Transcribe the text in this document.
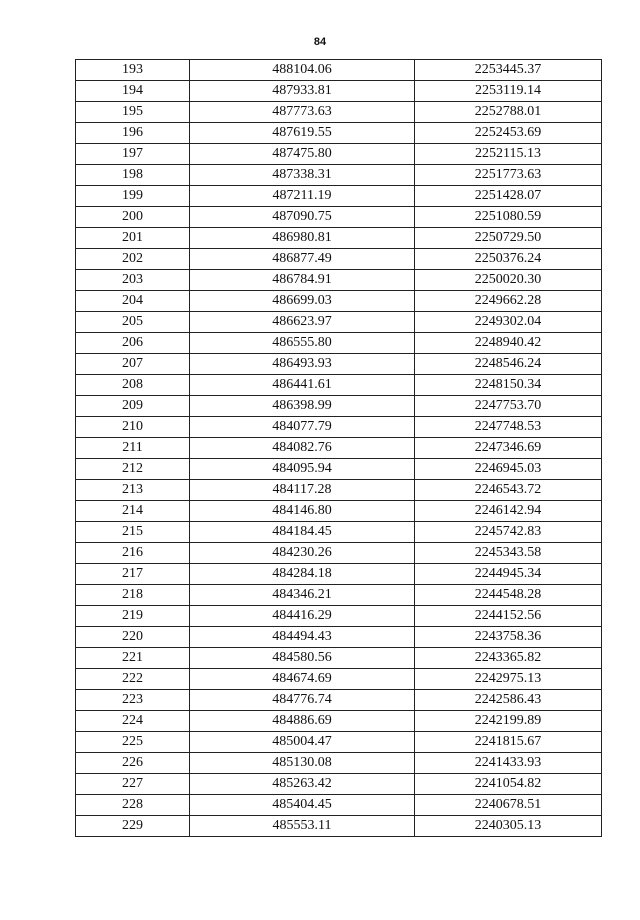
84
193	488104.06	2253445.37
194	487933.81	2253119.14
195	487773.63	2252788.01
196	487619.55	2252453.69
197	487475.80	2252115.13
198	487338.31	2251773.63
199	487211.19	2251428.07
200	487090.75	2251080.59
201	486980.81	2250729.50
202	486877.49	2250376.24
203	486784.91	2250020.30
204	486699.03	2249662.28
205	486623.97	2249302.04
206	486555.80	2248940.42
207	486493.93	2248546.24
208	486441.61	2248150.34
209	486398.99	2247753.70
210	484077.79	2247748.53
211	484082.76	2247346.69
212	484095.94	2246945.03
213	484117.28	2246543.72
214	484146.80	2246142.94
215	484184.45	2245742.83
216	484230.26	2245343.58
217	484284.18	2244945.34
218	484346.21	2244548.28
219	484416.29	2244152.56
220	484494.43	2243758.36
221	484580.56	2243365.82
222	484674.69	2242975.13
223	484776.74	2242586.43
224	484886.69	2242199.89
225	485004.47	2241815.67
226	485130.08	2241433.93
227	485263.42	2241054.82
228	485404.45	2240678.51
229	485553.11	2240305.13
